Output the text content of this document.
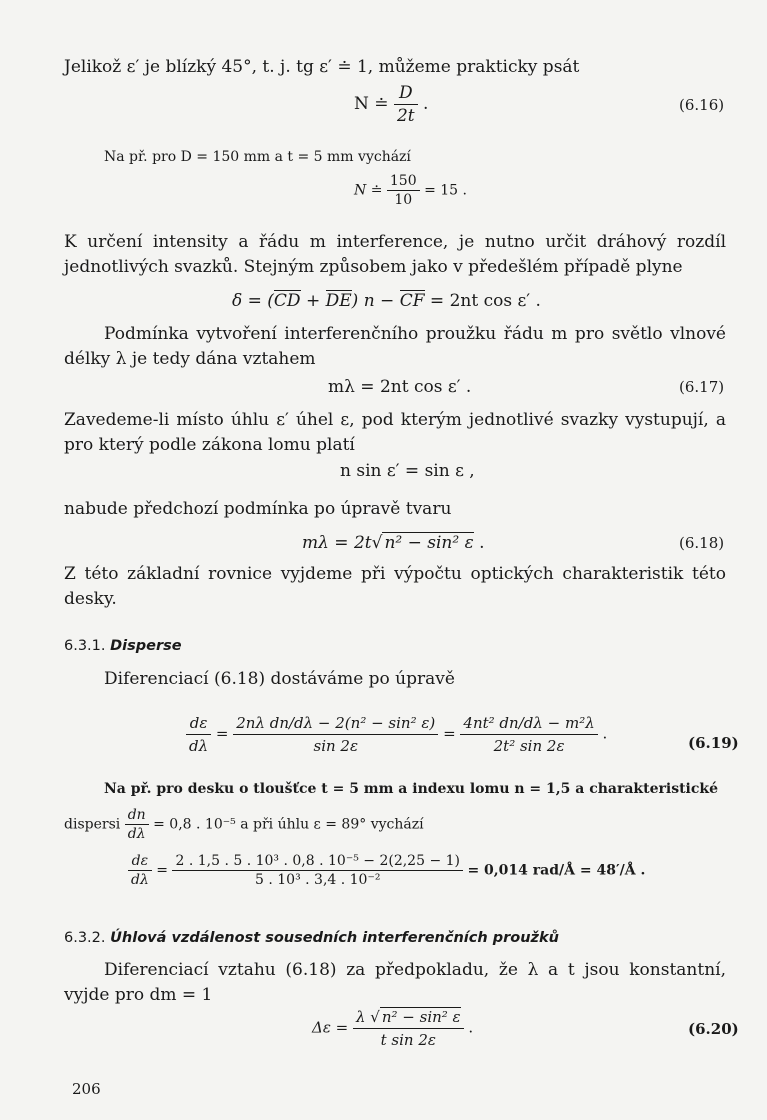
Jelikož ε′ je blízký 45°, t. j. tg ε′ ≐ 1, můžeme prakticky psát
N ≐ $\frac{D}{2t}$ .	(6.16)
Na př. pro D = 150 mm a t = 5 mm vychází
N ≐ $\frac{150}{10} = 15$ .
K určení intensity a řádu m interference, je nutno určit dráhový rozdíl jednotlivých svazků. Stejným způsobem jako v předešlém případě plyne
δ = (CD + DE) n − CF = 2nt cos ε′ .
Podmínka vytvoření interferenčního proužku řádu m pro světlo vlnové délky λ je tedy dána vztahem
mλ = 2nt cos ε′ .	(6.17)
Zavedeme-li místo úhlu ε′ úhel ε, pod kterým jednotlivé svazky vystupují, a pro který podle zákona lomu platí
n sin ε′ = sin ε ,
nabude předchozí podmínka po úpravě tvaru
mλ = 2t√ n² − sin² ε .	(6.18)
Z této základní rovnice vyjdeme při výpočtu optických charakteristik této desky.
6.3.1. Disperse
Diferenciací (6.18) dostáváme po úpravě
$\frac{d\varepsilon}{d\lambda} = \frac{\text{2nλ dn/dλ − 2(n² − sin² ε)}}{\sin 2\varepsilon} = \frac{\text{4nt² dn/dλ − m²λ}}{\text{2t² sin 2ε}}$ .
(6.19)
Na př. pro desku o tloušťce t = 5 mm a indexu lomu n = 1,5 a charakteristické
dispersi $\frac{dn}{d\lambda} = 0,8$ . 10⁻⁵ a při úhlu ε = 89° vychází
$\frac{d\varepsilon}{d\lambda} = \frac{\text{2 . 1,5 . 5 . 10³ . 0,8 . 10⁻⁵ − 2(2,25 − 1)}}{\text{5 . 10³ . 3,4 . 10⁻²}} = 0,014$ rad/Å = 48′/Å .
6.3.2. Úhlová vzdálenost sousedních interferenčních proužků
Diferenciací vztahu (6.18) za předpokladu, že λ a t jsou konstantní, vyjde pro dm = 1
$\Delta\varepsilon = \frac{\text{λ √ n² − sin² ε}}{\text{t sin 2ε}}$ .	(6.20)
206
